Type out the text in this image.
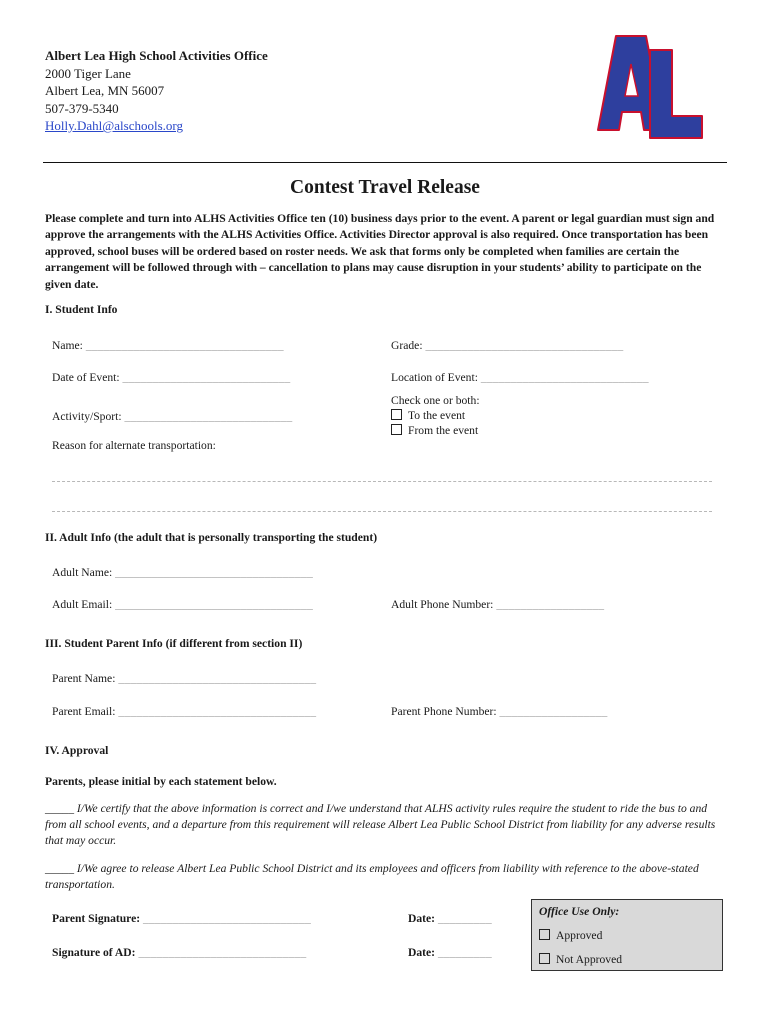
Albert Lea High School Activities Office
2000 Tiger Lane
Albert Lea, MN 56007
507-379-5340
Holly.Dahl@alschools.org
Contest Travel Release
Please complete and turn into ALHS Activities Office ten (10) business days prior to the event. A parent or legal guardian must sign and approve the arrangements with the ALHS Activities Office. Activities Director approval is also required. Once transportation has been approved, school buses will be ordered based on roster needs. We ask that forms only be completed when families are certain the arrangement will be followed through with – cancellation to plans may cause disruption in your students’ ability to participate on the given date.
I. Student Info
Name: _________________________________	Grade: _________________________________
Date of Event: ____________________________	Location of Event: ____________________________
Check one or both:
To the event
From the event
Activity/Sport: ____________________________
Reason for alternate transportation:
II. Adult Info (the adult that is personally transporting the student)
Adult Name: _________________________________
Adult Email: _________________________________	Adult Phone Number: __________________
III. Student Parent Info (if different from section II)
Parent Name: _________________________________
Parent Email: _________________________________	Parent Phone Number: __________________
IV. Approval
Parents, please initial by each statement below.
_____ I/We certify that the above information is correct and I/we understand that ALHS activity rules require the student to ride the bus to and from all school events, and a departure from this requirement will release Albert Lea Public School District from liability for any adverse results that may occur.
_____ I/We agree to release Albert Lea Public School District and its employees and officers from liability with reference to the above-stated transportation.
Parent Signature: ____________________________	Date: _________
Signature of AD: ____________________________	Date: _________
Office Use Only:
Approved
Not Approved
